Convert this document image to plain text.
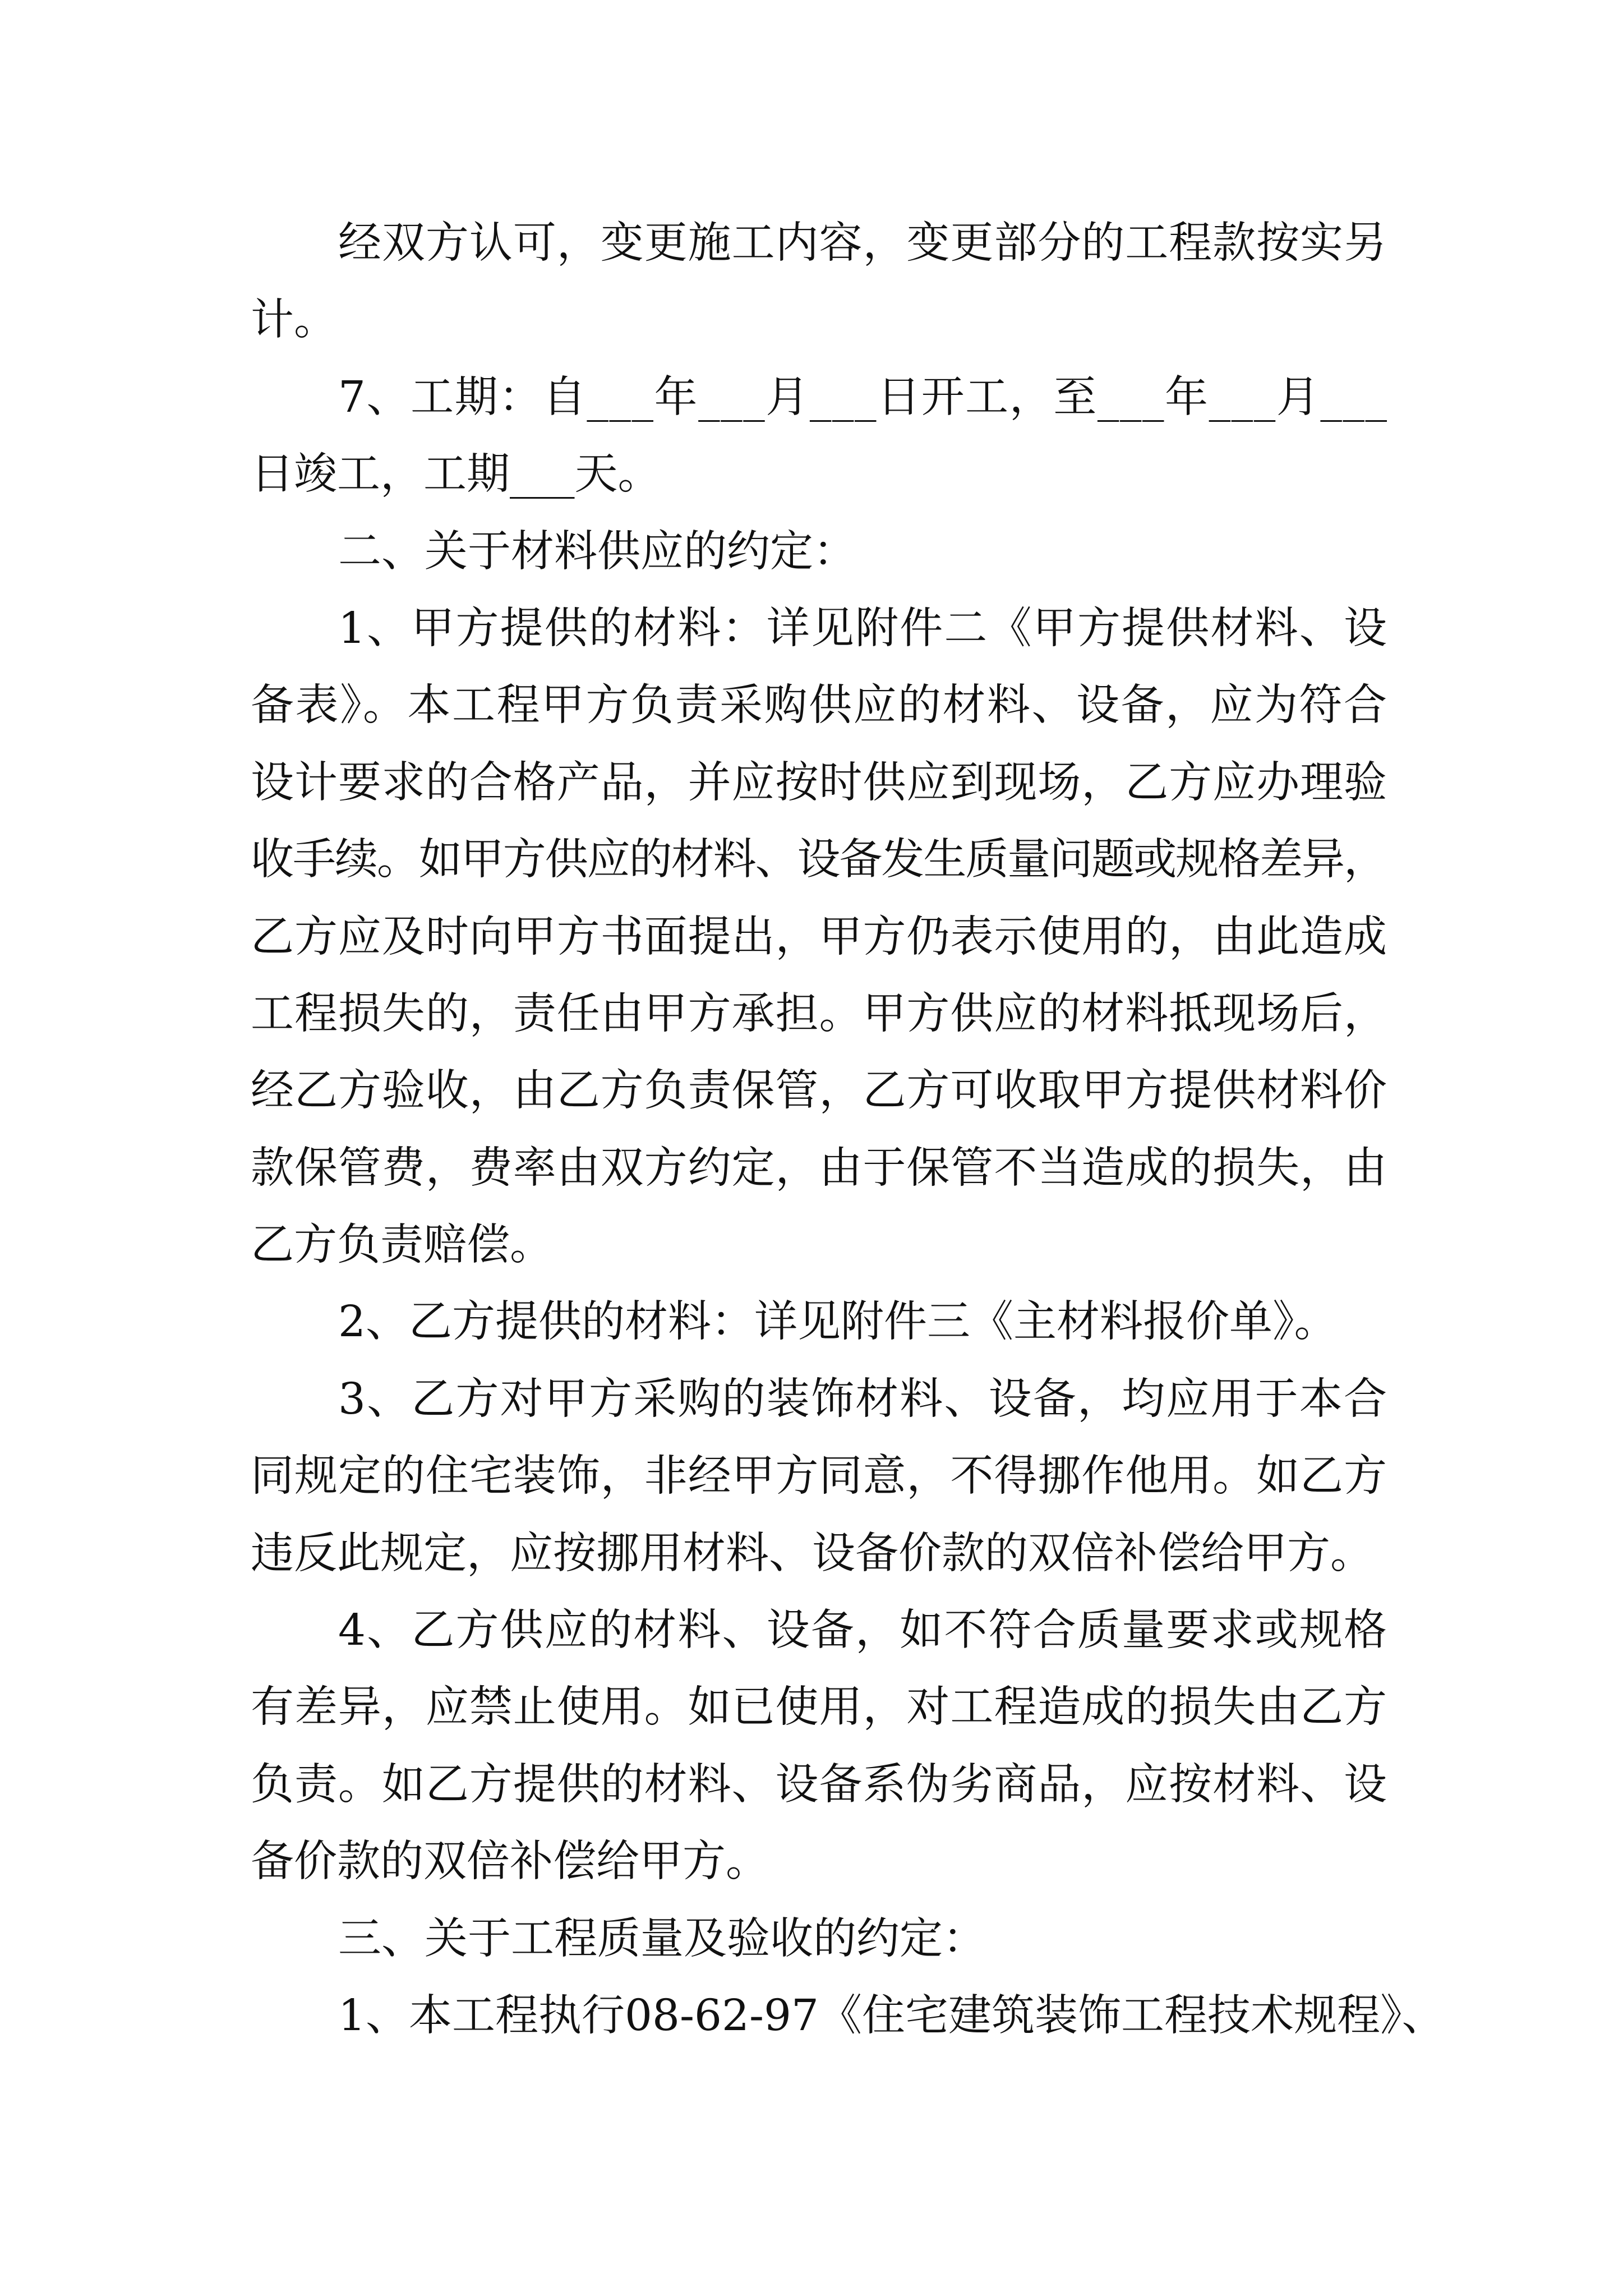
经双方认可，变更施工内容，变更部分的工程款按实另
计。
7、工期：自___年___月___日开工，至___年___月___
日竣工，工期___天。
二、关于材料供应的约定：
1、甲方提供的材料：详见附件二《甲方提供材料、设
备表》。本工程甲方负责采购供应的材料、设备，应为符合
设计要求的合格产品，并应按时供应到现场，乙方应办理验
收手续。如甲方供应的材料、设备发生质量问题或规格差异，
乙方应及时向甲方书面提出，甲方仍表示使用的，由此造成
工程损失的，责任由甲方承担。甲方供应的材料抵现场后，
经乙方验收，由乙方负责保管，乙方可收取甲方提供材料价
款保管费，费率由双方约定，由于保管不当造成的损失，由
乙方负责赔偿。
2、乙方提供的材料：详见附件三《主材料报价单》。
3、乙方对甲方采购的装饰材料、设备，均应用于本合
同规定的住宅装饰，非经甲方同意，不得挪作他用。如乙方
违反此规定，应按挪用材料、设备价款的双倍补偿给甲方。
4、乙方供应的材料、设备，如不符合质量要求或规格
有差异，应禁止使用。如已使用，对工程造成的损失由乙方
负责。如乙方提供的材料、设备系伪劣商品，应按材料、设
备价款的双倍补偿给甲方。
三、关于工程质量及验收的约定：
1、本工程执行08-62-97《住宅建筑装饰工程技术规程》、
